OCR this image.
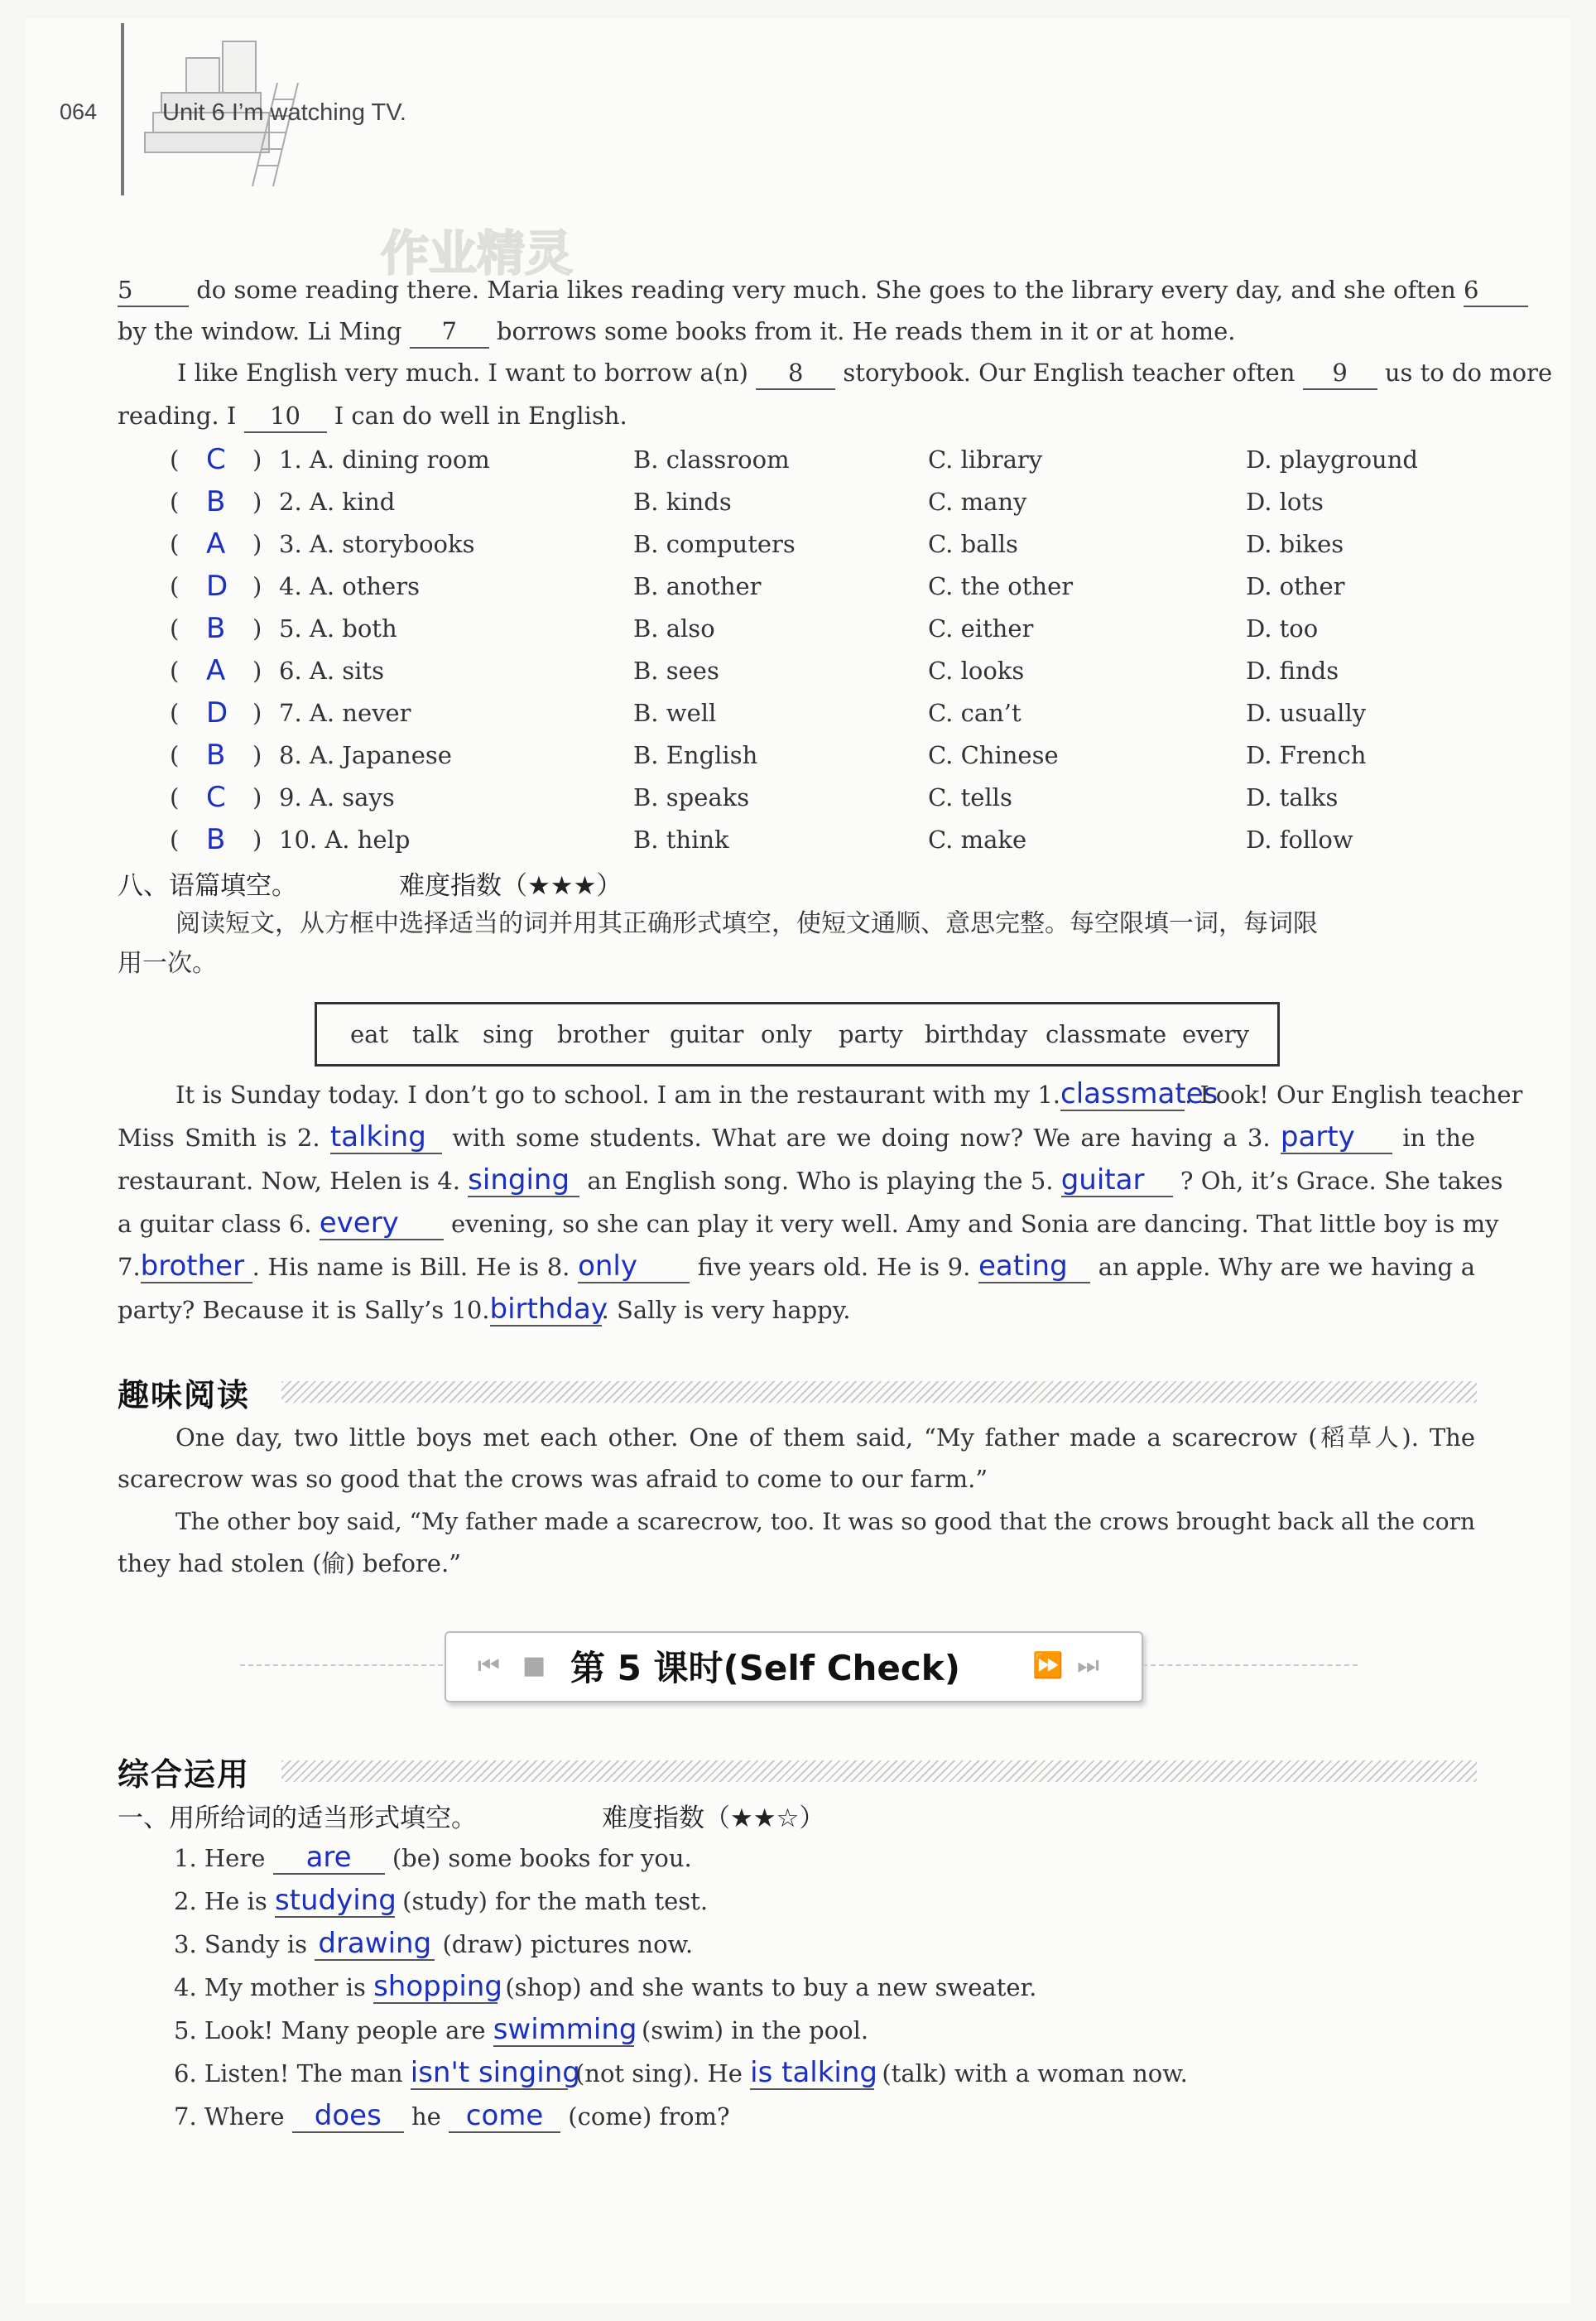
064	Unit 6 I’m watching TV.
作业精灵
5	do some reading there. Maria likes reading very much. She goes to the library every day, and she often 6
by the window. Li Ming 7 borrows some books from it. He reads them in it or at home.
I like English very much. I want to borrow a(n) 8 storybook. Our English teacher often 9 us to do more
reading. I 10 I can do well in English.
( C ) 1. A. dining room	B. classroom	C. library	D. playground
( B ) 2. A. kind	B. kinds	C. many	D. lots
( A ) 3. A. storybooks	B. computers	C. balls	D. bikes
( D ) 4. A. others	B. another	C. the other	D. other
( B ) 5. A. both	B. also	C. either	D. too
( A ) 6. A. sits	B. sees	C. looks	D. finds
( D ) 7. A. never	B. well	C. can’t	D. usually
( B ) 8. A. Japanese	B. English	C. Chinese	D. French
( C ) 9. A. says	B. speaks	C. tells	D. talks
( B ) 10. A. help	B. think	C. make	D. follow
八、语篇填空。	难度指数（★★★）
阅读短文，从方框中选择适当的词并用其正确形式填空，使短文通顺、意思完整。每空限填一词，每词限
用一次。
eat talk sing brother guitar only party birthday classmate every
It is Sunday today. I don’t go to school. I am in the restaurant with my 1.classmates. Look! Our English teacher
Miss Smith is 2. talking with some students. What are we doing now? We are having a 3. party in the
restaurant. Now, Helen is 4. singing an English song. Who is playing the 5. guitar ? Oh, it’s Grace. She takes
a guitar class 6. every evening, so she can play it very well. Amy and Sonia are dancing. That little boy is my
7.brother . His name is Bill. He is 8. only	five years old. He is 9. eating an apple. Why are we having a
party? Because it is Sally’s 10.birthday. Sally is very happy.
趣味阅读
One day, two little boys met each other. One of them said, “My father made a scarecrow (稻草人). The
scarecrow was so good that the crows was afraid to come to our farm.”
The other boy said, “My father made a scarecrow, too. It was so good that the crows brought back all the corn
they had stolen (偷) before.”
⏮ ■ 第 5 课时(Self Check)	⏩ ⏭
综合运用
一、用所给词的适当形式填空。	难度指数（★★☆）
1. Here are (be) some books for you.
2. He is studying (study) for the math test.
3. Sandy is drawing (draw) pictures now.
4. My mother is shopping (shop) and she wants to buy a new sweater.
5. Look! Many people are swimming (swim) in the pool.
6. Listen! The man isn't singing (not sing). He is talking (talk) with a woman now.
7. Where does he come (come) from?
